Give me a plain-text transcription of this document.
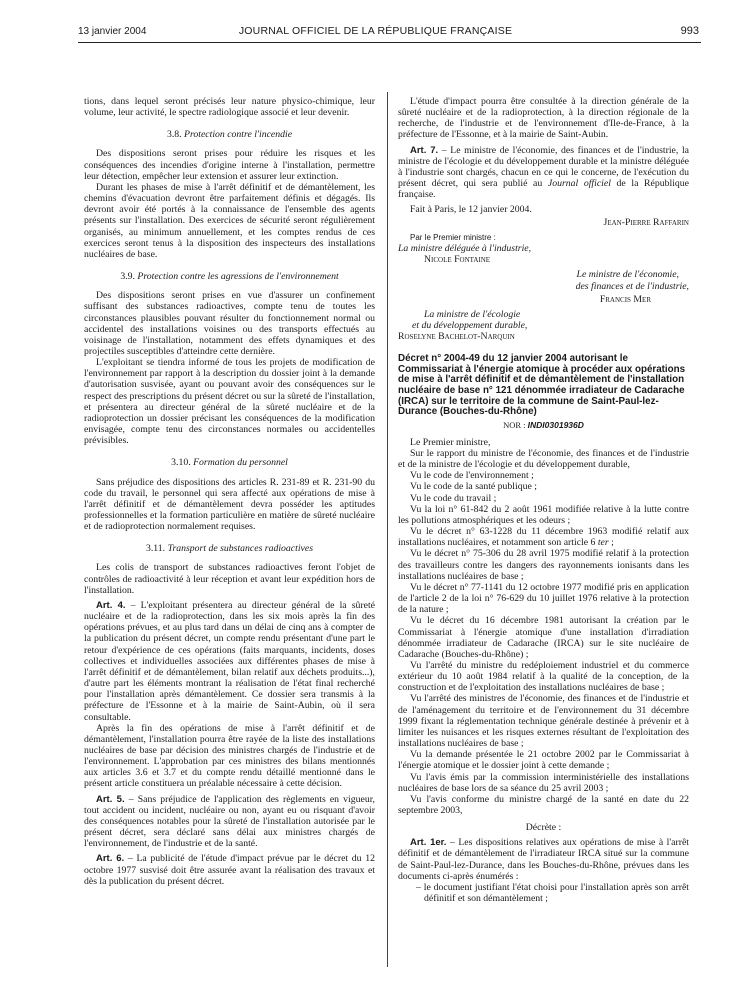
13 janvier 2004	JOURNAL OFFICIEL DE LA RÉPUBLIQUE FRANÇAISE	993

tions, dans lequel seront précisés leur nature physico-chimique, leur volume, leur activité, le spectre radiologique associé et leur devenir.

3.8. Protection contre l'incendie

Des dispositions seront prises pour réduire les risques et les conséquences des incendies d'origine interne à l'installation, permettre leur détection, empêcher leur extension et assurer leur extinction.

Durant les phases de mise à l'arrêt définitif et de démantèlement, les chemins d'évacuation devront être parfaitement définis et dégagés. Ils devront avoir été portés à la connaissance de l'ensemble des agents présents sur l'installation. Des exercices de sécurité seront régulièrement organisés, au minimum annuellement, et les comptes rendus de ces exercices seront tenus à la disposition des inspecteurs des installations nucléaires de base.

3.9. Protection contre les agressions de l'environnement

Des dispositions seront prises en vue d'assurer un confinement suffisant des substances radioactives, compte tenu de toutes les circonstances plausibles pouvant résulter du fonctionnement normal ou accidentel des installations voisines ou des transports effectués au voisinage de l'installation, notamment des effets dynamiques et des projectiles susceptibles d'atteindre cette dernière.

L'exploitant se tiendra informé de tous les projets de modification de l'environnement par rapport à la description du dossier joint à la demande d'autorisation susvisée, ayant ou pouvant avoir des conséquences sur le respect des prescriptions du présent décret ou sur la sûreté de l'installation, et présentera au directeur général de la sûreté nucléaire et de la radioprotection un dossier précisant les conséquences de la modification envisagée, compte tenu des circonstances normales ou accidentelles prévisibles.

3.10. Formation du personnel

Sans préjudice des dispositions des articles R. 231-89 et R. 231-90 du code du travail, le personnel qui sera affecté aux opérations de mise à l'arrêt définitif et de démantèlement devra posséder les aptitudes professionnelles et la formation particulière en matière de sûreté nucléaire et de radioprotection normalement requises.

3.11. Transport de substances radioactives

Les colis de transport de substances radioactives feront l'objet de contrôles de radioactivité à leur réception et avant leur expédition hors de l'installation.

Art. 4. – L'exploitant présentera au directeur général de la sûreté nucléaire et de la radioprotection, dans les six mois après la fin des opérations prévues, et au plus tard dans un délai de cinq ans à compter de la publication du présent décret, un compte rendu présentant d'une part le retour d'expérience de ces opérations (faits marquants, incidents, doses collectives et individuelles associées aux différentes phases de mise à l'arrêt définitif et de démantèlement, bilan relatif aux déchets produits...), d'autre part les éléments montrant la réalisation de l'état final recherché pour l'installation après démantèlement. Ce dossier sera transmis à la préfecture de l'Essonne et à la mairie de Saint-Aubin, où il sera consultable.

Après la fin des opérations de mise à l'arrêt définitif et de démantèlement, l'installation pourra être rayée de la liste des installations nucléaires de base par décision des ministres chargés de l'industrie et de l'environnement. L'approbation par ces ministres des bilans mentionnés aux articles 3.6 et 3.7 et du compte rendu détaillé mentionné dans le présent article constituera un préalable nécessaire à cette décision.

Art. 5. – Sans préjudice de l'application des règlements en vigueur, tout accident ou incident, nucléaire ou non, ayant eu ou risquant d'avoir des conséquences notables pour la sûreté de l'installation autorisée par le présent décret, sera déclaré sans délai aux ministres chargés de l'environnement, de l'industrie et de la santé.

Art. 6. – La publicité de l'étude d'impact prévue par le décret du 12 octobre 1977 susvisé doit être assurée avant la réalisation des travaux et dès la publication du présent décret.

L'étude d'impact pourra être consultée à la direction générale de la sûreté nucléaire et de la radioprotection, à la direction régionale de la recherche, de l'industrie et de l'environnement d'Ile-de-France, à la préfecture de l'Essonne, et à la mairie de Saint-Aubin.

Art. 7. – Le ministre de l'économie, des finances et de l'industrie, la ministre de l'écologie et du développement durable et la ministre déléguée à l'industrie sont chargés, chacun en ce qui le concerne, de l'exécution du présent décret, qui sera publié au Journal officiel de la République française.

Fait à Paris, le 12 janvier 2004.

Jean-Pierre Raffarin

Par le Premier ministre :

La ministre déléguée à l'industrie,

Nicole Fontaine

Le ministre de l'économie,

des finances et de l'industrie,

Francis Mer

La ministre de l'écologie

et du développement durable,

Roselyne Bachelot-Narquin

Décret n° 2004-49 du 12 janvier 2004 autorisant le Commissariat à l'énergie atomique à procéder aux opérations de mise à l'arrêt définitif et de démantèlement de l'installation nucléaire de base n° 121 dénommée irradiateur de Cadarache (IRCA) sur le territoire de la commune de Saint-Paul-lez-Durance (Bouches-du-Rhône)

NOR : INDI0301936D

Le Premier ministre,

Sur le rapport du ministre de l'économie, des finances et de l'industrie et de la ministre de l'écologie et du développement durable,

Vu le code de l'environnement ;

Vu le code de la santé publique ;

Vu le code du travail ;

Vu la loi n° 61-842 du 2 août 1961 modifiée relative à la lutte contre les pollutions atmosphériques et les odeurs ;

Vu le décret n° 63-1228 du 11 décembre 1963 modifié relatif aux installations nucléaires, et notamment son article 6 ter ;

Vu le décret n° 75-306 du 28 avril 1975 modifié relatif à la protection des travailleurs contre les dangers des rayonnements ionisants dans les installations nucléaires de base ;

Vu le décret n° 77-1141 du 12 octobre 1977 modifié pris en application de l'article 2 de la loi n° 76-629 du 10 juillet 1976 relative à la protection de la nature ;

Vu le décret du 16 décembre 1981 autorisant la création par le Commissariat à l'énergie atomique d'une installation d'irradiation dénommée irradiateur de Cadarache (IRCA) sur le site nucléaire de Cadarache (Bouches-du-Rhône) ;

Vu l'arrêté du ministre du redéploiement industriel et du commerce extérieur du 10 août 1984 relatif à la qualité de la conception, de la construction et de l'exploitation des installations nucléaires de base ;

Vu l'arrêté des ministres de l'économie, des finances et de l'industrie et de l'aménagement du territoire et de l'environnement du 31 décembre 1999 fixant la réglementation technique générale destinée à prévenir et à limiter les nuisances et les risques externes résultant de l'exploitation des installations nucléaires de base ;

Vu la demande présentée le 21 octobre 2002 par le Commissariat à l'énergie atomique et le dossier joint à cette demande ;

Vu l'avis émis par la commission interministérielle des installations nucléaires de base lors de sa séance du 25 avril 2003 ;

Vu l'avis conforme du ministre chargé de la santé en date du 22 septembre 2003,

Décrète :

Art. 1er. – Les dispositions relatives aux opérations de mise à l'arrêt définitif et de démantèlement de l'irradiateur IRCA situé sur la commune de Saint-Paul-lez-Durance, dans les Bouches-du-Rhône, prévues dans les documents ci-après énumérés :

– le document justifiant l'état choisi pour l'installation après son arrêt définitif et son démantèlement ;
